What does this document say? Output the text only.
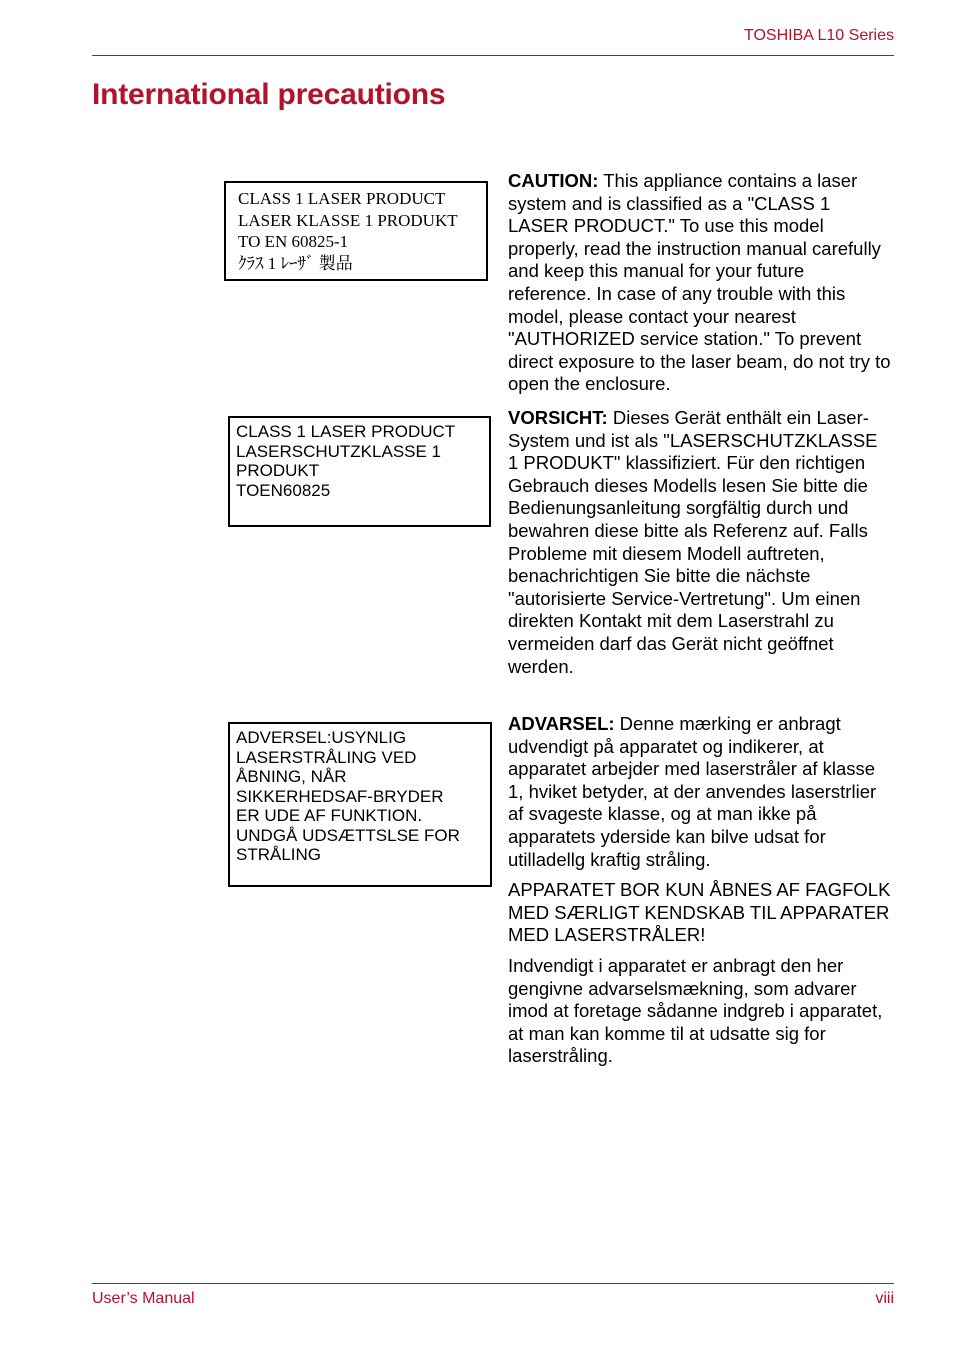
TOSHIBA L10 Series
International precautions
CLASS 1 LASER PRODUCT
LASER KLASSE 1 PRODUKT
TO EN 60825-1
ｸﾗｽ 1 ﾚｰｻﾞ 製品

CAUTION: This appliance contains a laser system and is classified as a "CLASS 1 LASER PRODUCT." To use this model properly, read the instruction manual carefully and keep this manual for your future reference. In case of any trouble with this model, please contact your nearest "AUTHORIZED service station." To prevent direct exposure to the laser beam, do not try to open the enclosure.

CLASS 1 LASER PRODUCT
LASERSCHUTZKLASSE 1
PRODUKT
TOEN60825

VORSICHT: Dieses Gerät enthält ein Laser-System und ist als "LASERSCHUTZKLASSE 1 PRODUKT" klassifiziert. Für den richtigen Gebrauch dieses Modells lesen Sie bitte die Bedienungsanleitung sorgfältig durch und bewahren diese bitte als Referenz auf. Falls Probleme mit diesem Modell auftreten, benachrichtigen Sie bitte die nächste "autorisierte Service-Vertretung". Um einen direkten Kontakt mit dem Laserstrahl zu vermeiden darf das Gerät nicht geöffnet werden.

ADVERSEL:USYNLIG
LASERSTRÅLING VED
ÅBNING, NÅR
SIKKERHEDSAF-BRYDER
ER UDE AF FUNKTION.
UNDGÅ UDSÆTTSLSE FOR
STRÅLING

ADVARSEL: Denne mærking er anbragt udvendigt på apparatet og indikerer, at apparatet arbejder med laserstråler af klasse 1, hviket betyder, at der anvendes laserstrlier af svageste klasse, og at man ikke på apparatets yderside kan bilve udsat for utilladellg kraftig stråling.

APPARATET BOR KUN ÅBNES AF FAGFOLK MED SÆRLIGT KENDSKAB TIL APPARATER MED LASERSTRÅLER!

Indvendigt i apparatet er anbragt den her gengivne advarselsmækning, som advarer imod at foretage sådanne indgreb i apparatet, at man kan komme til at udsatte sig for laserstråling.

User’s Manual	viii
